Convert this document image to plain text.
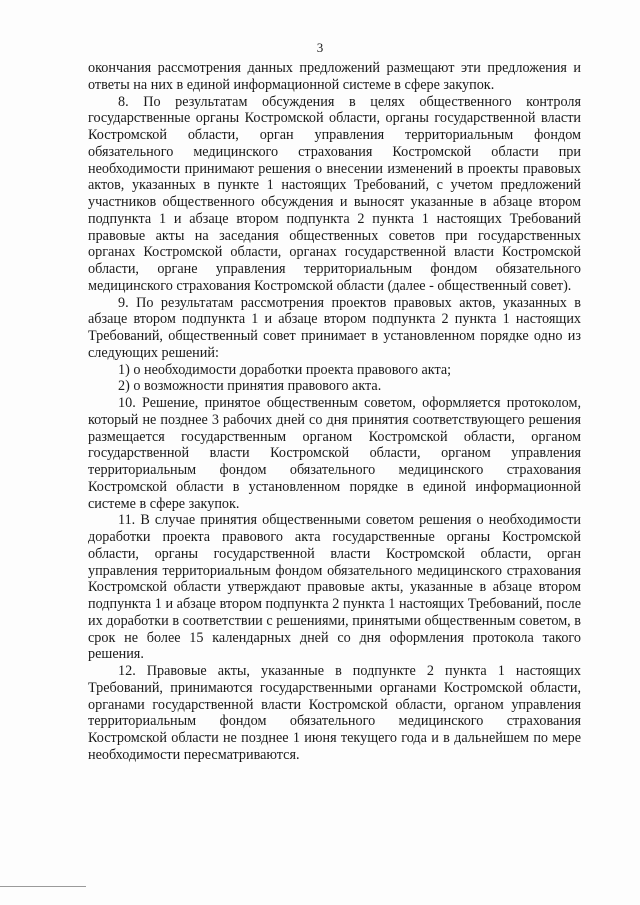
3

окончания рассмотрения данных предложений размещают эти предложения и ответы на них в единой информационной системе в сфере закупок.

8. По результатам обсуждения в целях общественного контроля государственные органы Костромской области, органы государственной власти Костромской области, орган управления территориальным фондом обязательного медицинского страхования Костромской области при необходимости принимают решения о внесении изменений в проекты правовых актов, указанных в пункте 1 настоящих Требований, с учетом предложений участников общественного обсуждения и выносят указанные в абзаце втором подпункта 1 и абзаце втором подпункта 2 пункта 1 настоящих Требований правовые акты на заседания общественных советов при государственных органах Костромской области, органах государственной власти Костромской области, органе управления территориальным фондом обязательного медицинского страхования Костромской области (далее - общественный совет).

9. По результатам рассмотрения проектов правовых актов, указанных в абзаце втором подпункта 1 и абзаце втором подпункта 2 пункта 1 настоящих Требований, общественный совет принимает в установленном порядке одно из следующих решений:

1) о необходимости доработки проекта правового акта;

2) о возможности принятия правового акта.

10. Решение, принятое общественным советом, оформляется протоколом, который не позднее 3 рабочих дней со дня принятия соответствующего решения размещается государственным органом Костромской области, органом государственной власти Костромской области, органом управления территориальным фондом обязательного медицинского страхования Костромской области в установленном порядке в единой информационной системе в сфере закупок.

11. В случае принятия общественными советом решения о необходимости доработки проекта правового акта государственные органы Костромской области, органы государственной власти Костромской области, орган управления территориальным фондом обязательного медицинского страхования Костромской области утверждают правовые акты, указанные в абзаце втором подпункта 1 и абзаце втором подпункта 2 пункта 1 настоящих Требований, после их доработки в соответствии с решениями, принятыми общественным советом, в срок не более 15 календарных дней со дня оформления протокола такого решения.

12. Правовые акты, указанные в подпункте 2 пункта 1 настоящих Требований, принимаются государственными органами Костромской области, органами государственной власти Костромской области, органом управления территориальным фондом обязательного медицинского страхования Костромской области не позднее 1 июня текущего года и в дальнейшем по мере необходимости пересматриваются.
